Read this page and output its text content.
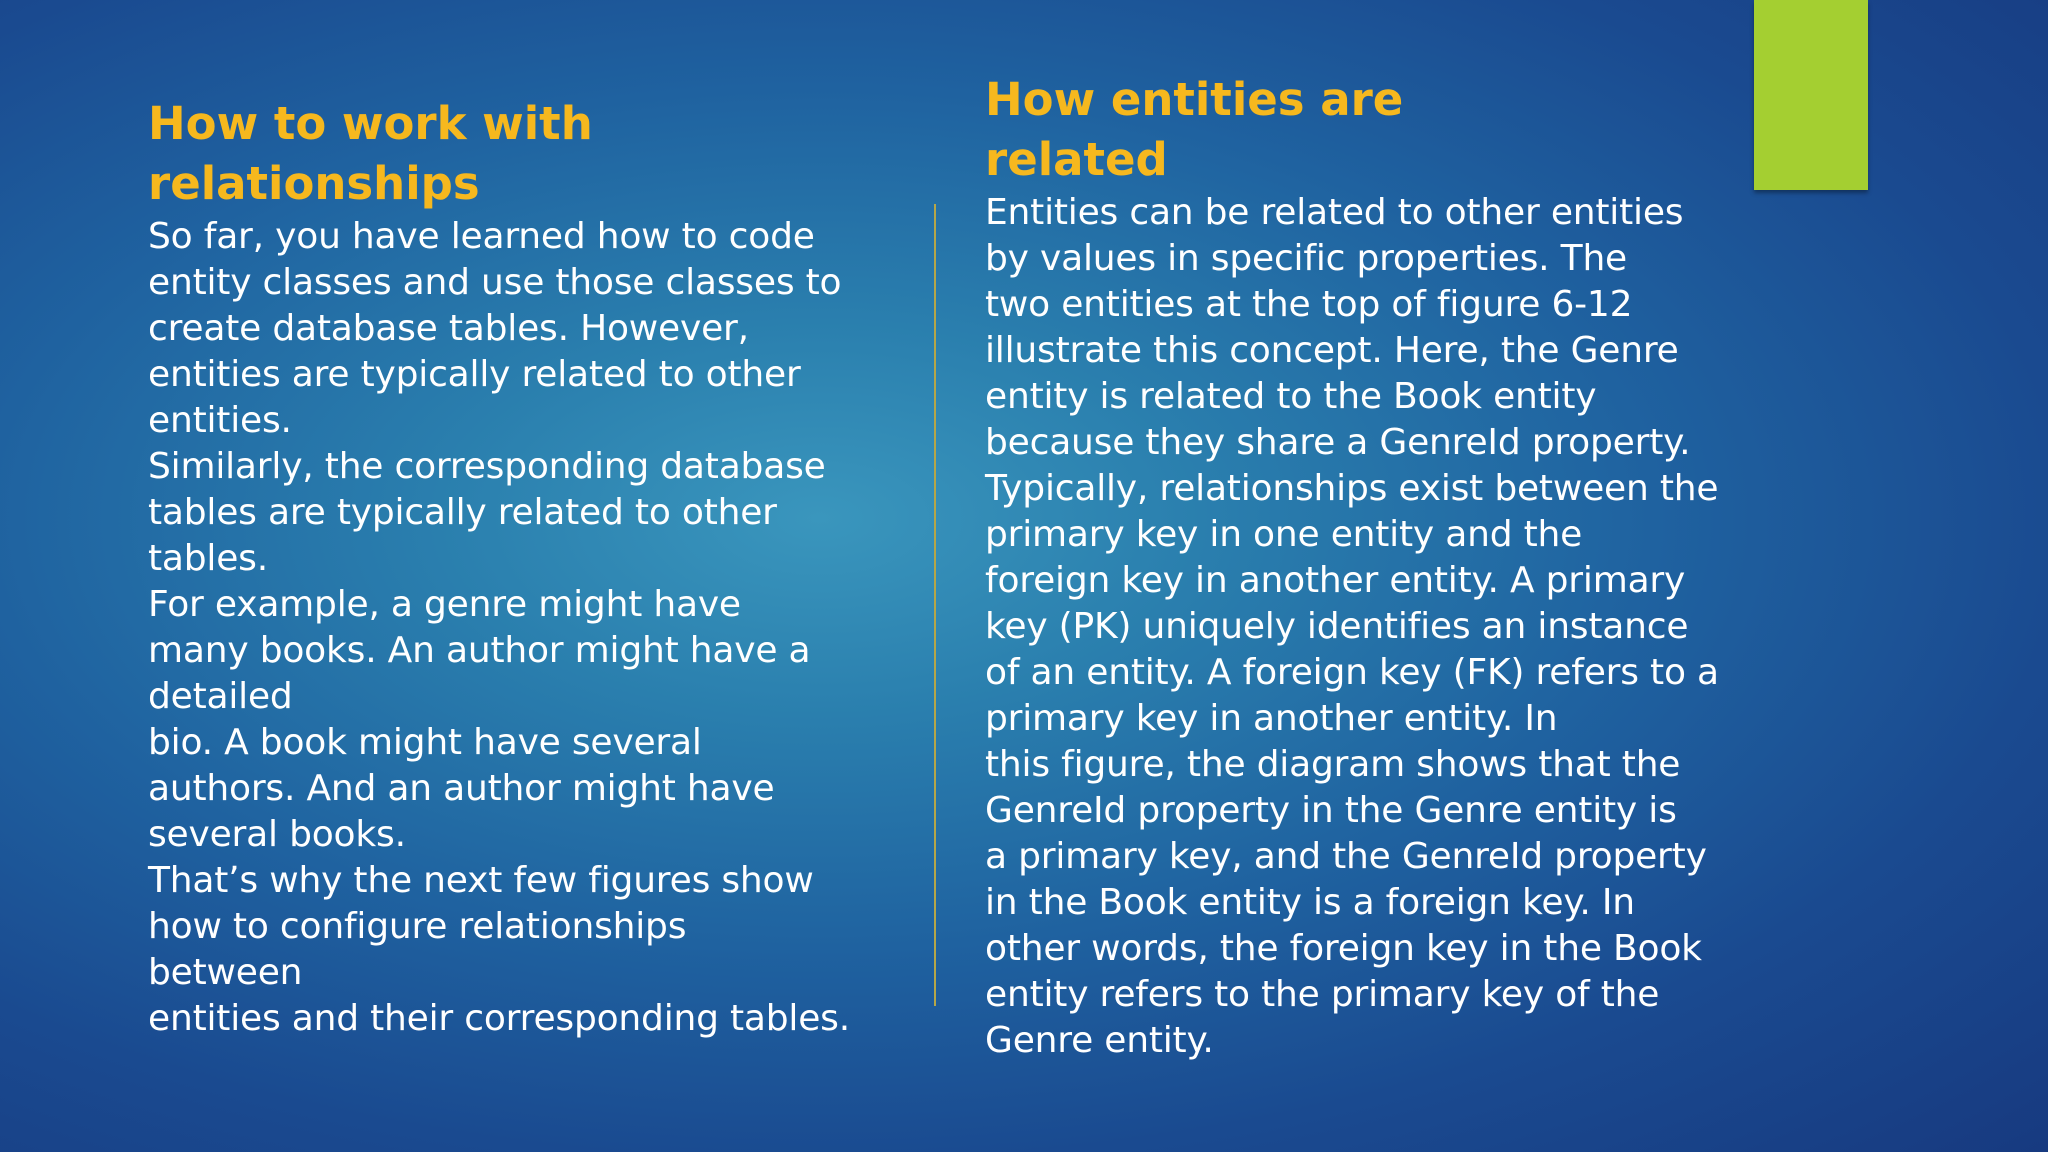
How to work with
relationships

So far, you have learned how to code
entity classes and use those classes to
create database tables. However,
entities are typically related to other
entities.
Similarly, the corresponding database
tables are typically related to other
tables.
For example, a genre might have
many books. An author might have a
detailed
bio. A book might have several
authors. And an author might have
several books.
That’s why the next few figures show
how to configure relationships
between
entities and their corresponding tables.

How entities are
related

Entities can be related to other entities
by values in specific properties. The
two entities at the top of figure 6-12
illustrate this concept. Here, the Genre
entity is related to the Book entity
because they share a GenreId property.
Typically, relationships exist between the
primary key in one entity and the
foreign key in another entity. A primary
key (PK) uniquely identifies an instance
of an entity. A foreign key (FK) refers to a
primary key in another entity. In
this figure, the diagram shows that the
GenreId property in the Genre entity is
a primary key, and the GenreId property
in the Book entity is a foreign key. In
other words, the foreign key in the Book
entity refers to the primary key of the
Genre entity.
